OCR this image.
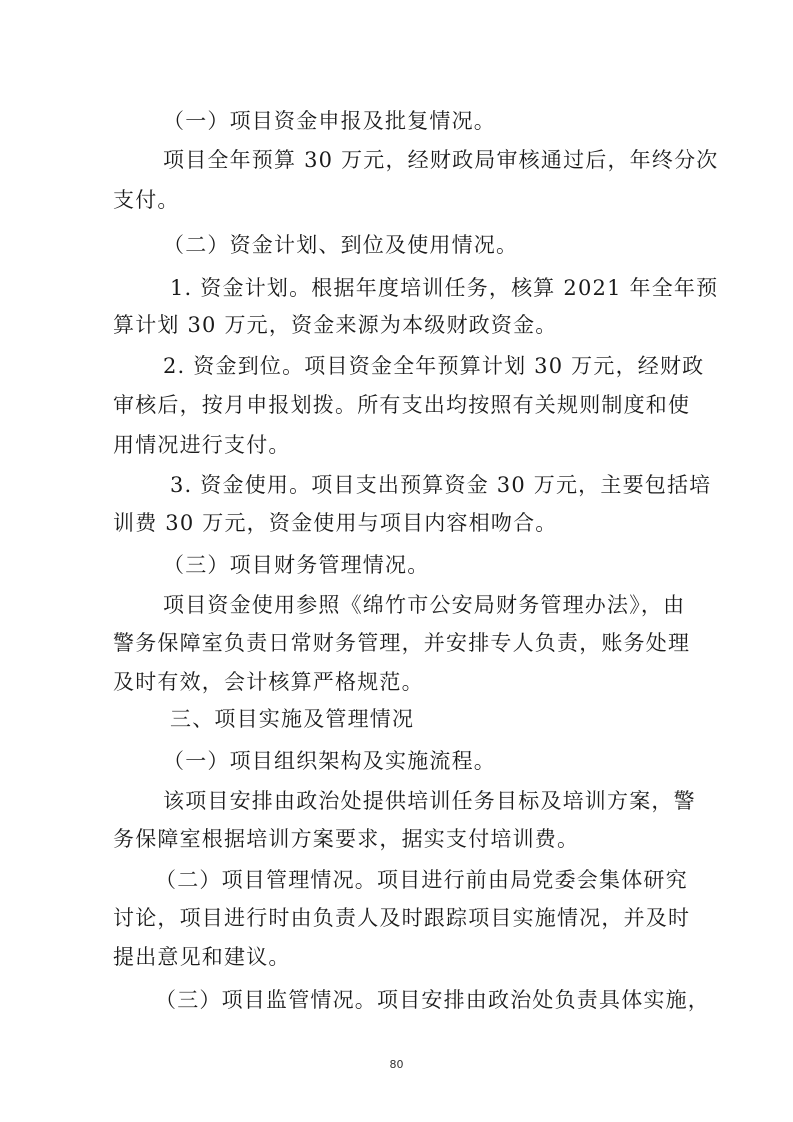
（一）项目资金申报及批复情况。
项目全年预算 30 万元，经财政局审核通过后，年终分次
支付。
（二）资金计划、到位及使用情况。
1. 资金计划。根据年度培训任务，核算 2021 年全年预
算计划 30 万元，资金来源为本级财政资金。
2. 资金到位。项目资金全年预算计划 30 万元，经财政
审核后，按月申报划拨。所有支出均按照有关规则制度和使
用情况进行支付。
3. 资金使用。项目支出预算资金 30 万元，主要包括培
训费 30 万元，资金使用与项目内容相吻合。
（三）项目财务管理情况。
项目资金使用参照《绵竹市公安局财务管理办法》，由
警务保障室负责日常财务管理，并安排专人负责，账务处理
及时有效，会计核算严格规范。
三、项目实施及管理情况
（一）项目组织架构及实施流程。
该项目安排由政治处提供培训任务目标及培训方案，警
务保障室根据培训方案要求，据实支付培训费。
（二）项目管理情况。项目进行前由局党委会集体研究
讨论，项目进行时由负责人及时跟踪项目实施情况，并及时
提出意见和建议。
（三）项目监管情况。项目安排由政治处负责具体实施，
80
